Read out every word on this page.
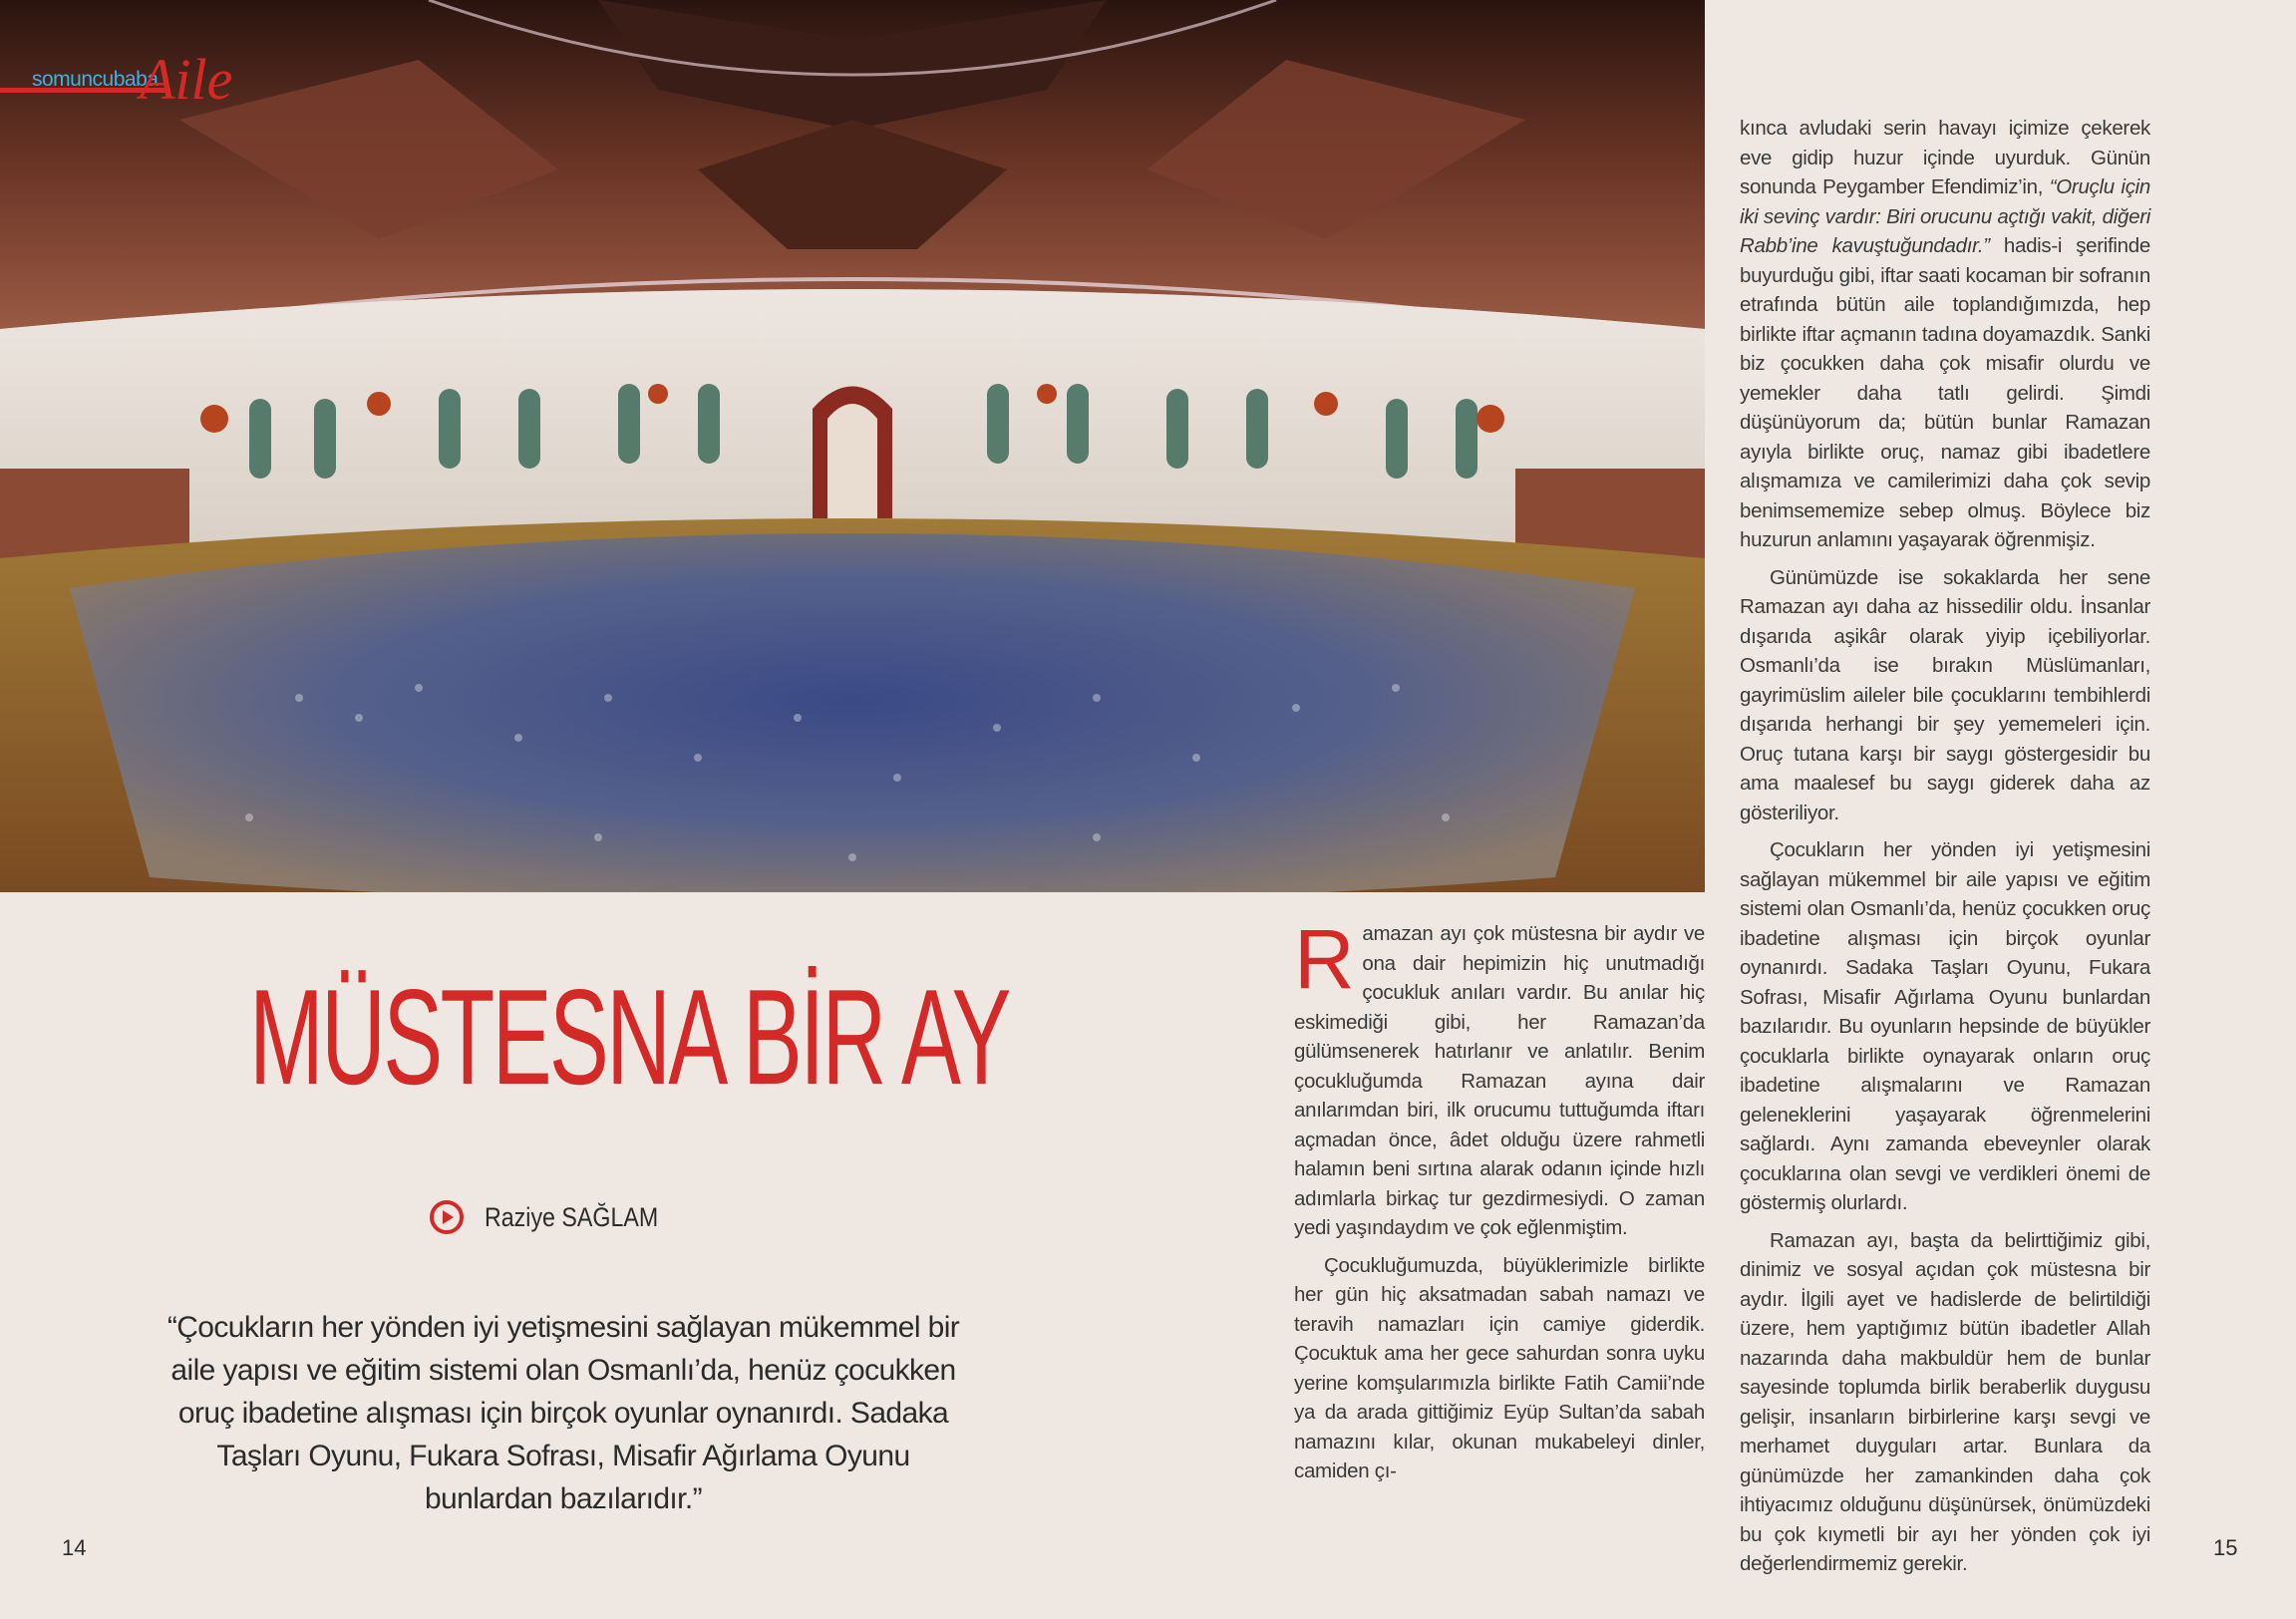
somuncubaba
Aile
MÜSTESNA BİR AY
Raziye SAĞLAM

“Çocukların her yönden iyi yetişmesini sağlayan mükemmel bir aile yapısı ve eğitim sistemi olan Osmanlı’da, henüz çocukken oruç ibadetine alışması için birçok oyunlar oynanırdı. Sadaka Taşları Oyunu, Fukara Sofrası, Misafir Ağırlama Oyunu bunlardan bazılarıdır.”

Ramazan ayı çok müstesna bir aydır ve ona dair hepimizin hiç unutmadığı çocukluk anıları vardır. Bu anılar hiç eskimediği gibi, her Ramazan’da gülümsenerek hatırlanır ve anlatılır. Benim çocukluğumda Ramazan ayına dair anılarımdan biri, ilk orucumu tuttuğumda iftarı açmadan önce, âdet olduğu üzere rahmetli halamın beni sırtına alarak odanın içinde hızlı adımlarla birkaç tur gezdirmesiydi. O zaman yedi yaşındaydım ve çok eğlenmiştim.

Çocukluğumuzda, büyüklerimizle birlikte her gün hiç aksatmadan sabah namazı ve teravih namazları için camiye giderdik. Çocuktuk ama her gece sahurdan sonra uyku yerine komşularımızla birlikte Fatih Camii’nde ya da arada gittiğimiz Eyüp Sultan’da sabah namazını kılar, okunan mukabeleyi dinler, camiden çı-

kınca avludaki serin havayı içimize çekerek eve gidip huzur içinde uyurduk. Günün sonunda Peygamber Efendimiz’in, “Oruçlu için iki sevinç vardır: Biri orucunu açtığı vakit, diğeri Rabb’ine kavuştuğundadır.” hadis-i şerifinde buyurduğu gibi, iftar saati kocaman bir sofranın etrafında bütün aile toplandığımızda, hep birlikte iftar açmanın tadına doyamazdık. Sanki biz çocukken daha çok misafir olurdu ve yemekler daha tatlı gelirdi. Şimdi düşünüyorum da; bütün bunlar Ramazan ayıyla birlikte oruç, namaz gibi ibadetlere alışmamıza ve camilerimizi daha çok sevip benimsememize sebep olmuş. Böylece biz huzurun anlamını yaşayarak öğrenmişiz.

Günümüzde ise sokaklarda her sene Ramazan ayı daha az hissedilir oldu. İnsanlar dışarıda aşikâr olarak yiyip içebiliyorlar. Osmanlı’da ise bırakın Müslümanları, gayrimüslim aileler bile çocuklarını tembihlerdi dışarıda herhangi bir şey yememeleri için. Oruç tutana karşı bir saygı göstergesidir bu ama maalesef bu saygı giderek daha az gösteriliyor.

Çocukların her yönden iyi yetişmesini sağlayan mükemmel bir aile yapısı ve eğitim sistemi olan Osmanlı’da, henüz çocukken oruç ibadetine alışması için birçok oyunlar oynanırdı. Sadaka Taşları Oyunu, Fukara Sofrası, Misafir Ağırlama Oyunu bunlardan bazılarıdır. Bu oyunların hepsinde de büyükler çocuklarla birlikte oynayarak onların oruç ibadetine alışmalarını ve Ramazan geleneklerini yaşayarak öğrenmelerini sağlardı. Aynı zamanda ebeveynler olarak çocuklarına olan sevgi ve verdikleri önemi de göstermiş olurlardı.

Ramazan ayı, başta da belirttiğimiz gibi, dinimiz ve sosyal açıdan çok müstesna bir aydır. İlgili ayet ve hadislerde de belirtildiği üzere, hem yaptığımız bütün ibadetler Allah nazarında daha makbuldür hem de bunlar sayesinde toplumda birlik beraberlik duygusu gelişir, insanların birbirlerine karşı sevgi ve merhamet duyguları artar. Bunlara da günümüzde her zamankinden daha çok ihtiyacımız olduğunu düşünürsek, önümüzdeki bu çok kıymetli bir ayı her yönden çok iyi değerlendirmemiz gerekir.

14	15
